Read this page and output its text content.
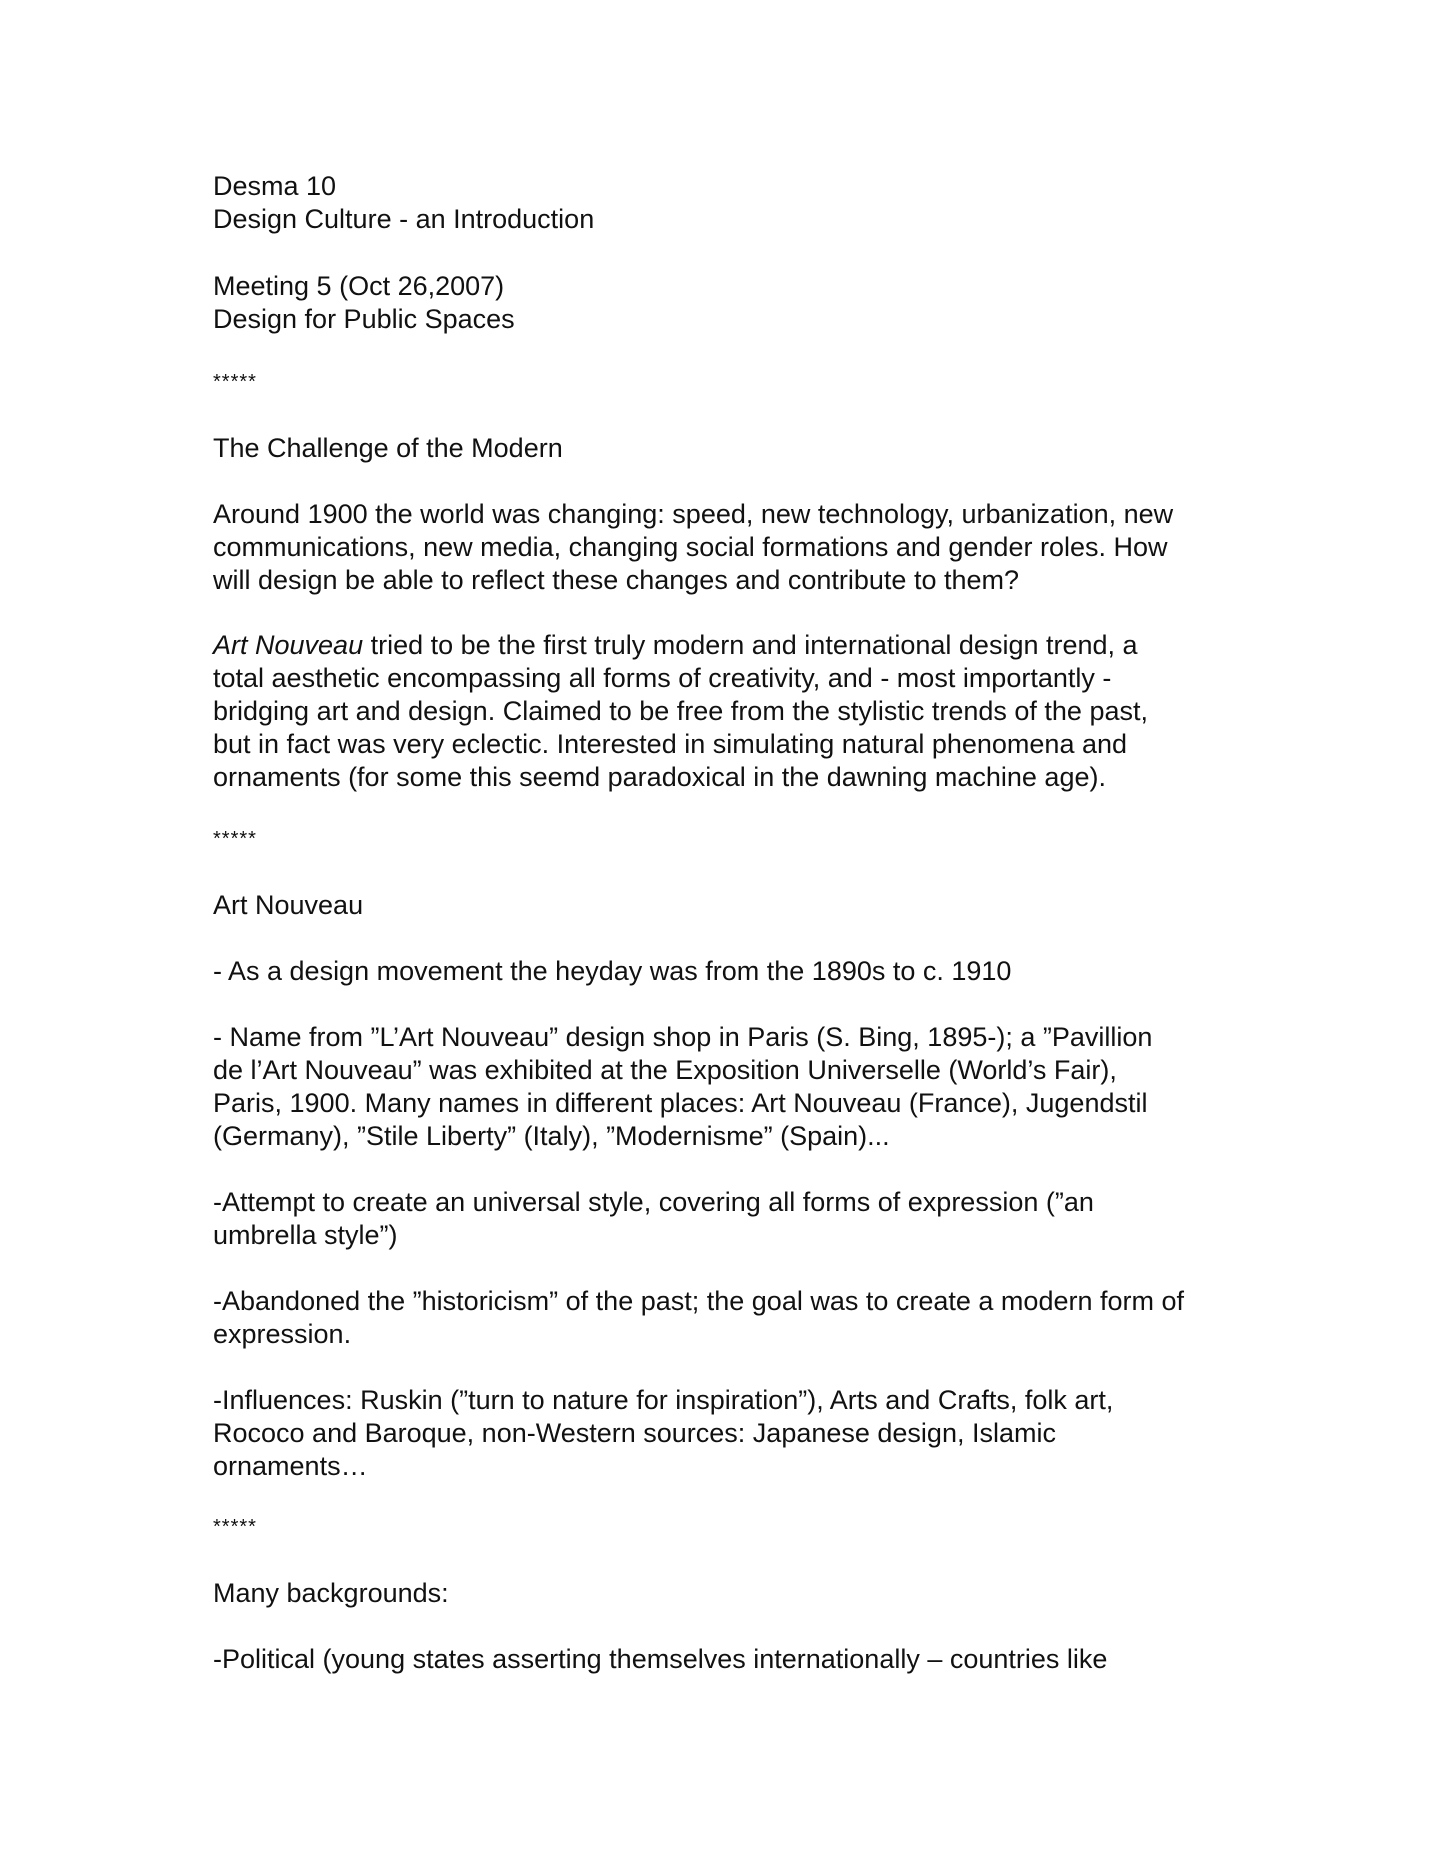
Desma 10
Design Culture - an Introduction
Meeting 5 (Oct 26,2007)
Design for Public Spaces
*****
The Challenge of the Modern
Around 1900 the world was changing: speed, new technology, urbanization, new
communications, new media, changing social formations and gender roles. How
will design be able to reflect these changes and contribute to them?
Art Nouveau tried to be the first truly modern and international design trend, a
total aesthetic encompassing all forms of creativity, and - most importantly -
bridging art and design. Claimed to be free from the stylistic trends of the past,
but in fact was very eclectic. Interested in simulating natural phenomena and
ornaments (for some this seemd paradoxical in the dawning machine age).
*****
Art Nouveau
- As a design movement the heyday was from the 1890s to c. 1910
- Name from ”L’Art Nouveau” design shop in Paris (S. Bing, 1895-); a ”Pavillion
de l’Art Nouveau” was exhibited at the Exposition Universelle (World’s Fair),
Paris, 1900. Many names in different places: Art Nouveau (France), Jugendstil
(Germany), ”Stile Liberty” (Italy), ”Modernisme” (Spain)...
-Attempt to create an universal style, covering all forms of expression (”an
umbrella style”)
-Abandoned the ”historicism” of the past; the goal was to create a modern form of
expression.
-Influences: Ruskin (”turn to nature for inspiration”), Arts and Crafts, folk art,
Rococo and Baroque, non-Western sources: Japanese design, Islamic
ornaments…
*****
Many backgrounds:
-Political (young states asserting themselves internationally – countries like
